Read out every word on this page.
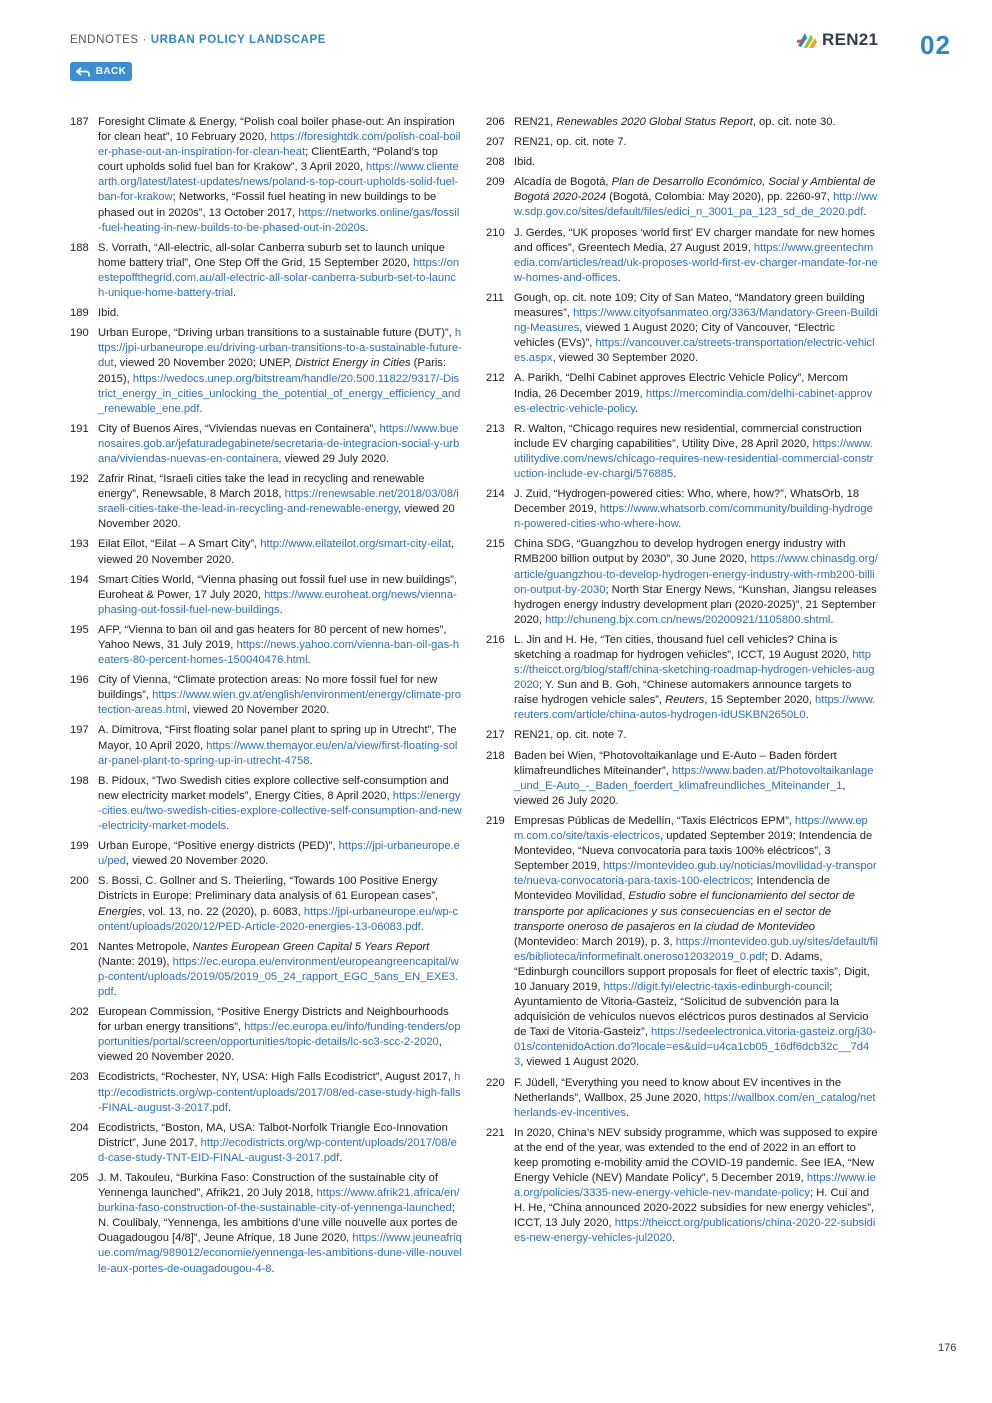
ENDNOTES · URBAN POLICY LANDSCAPE	REN21 02
BACK
187 Foresight Climate & Energy, “Polish coal boiler phase-out: An inspiration for clean heat”, 10 February 2020, https://foresightdk.com/polish-coal-boiler-phase-out-an-inspiration-for-clean-heat; ClientEarth, “Poland’s top court upholds solid fuel ban for Krakow”, 3 April 2020, https://www.clientearth.org/latest/latest-updates/news/poland-s-top-court-upholds-solid-fuel-ban-for-krakow; Networks, “Fossil fuel heating in new buildings to be phased out in 2020s”, 13 October 2017, https://networks.online/gas/fossil-fuel-heating-in-new-builds-to-be-phased-out-in-2020s.
188 S. Vorrath, “All-electric, all-solar Canberra suburb set to launch unique home battery trial”, One Step Off the Grid, 15 September 2020, https://onestepoffthegrid.com.au/all-electric-all-solar-canberra-suburb-set-to-launch-unique-home-battery-trial.
189 Ibid.
190 Urban Europe, “Driving urban transitions to a sustainable future (DUT)”, https://jpi-urbaneurope.eu/driving-urban-transitions-to-a-sustainable-future-dut, viewed 20 November 2020; UNEP, District Energy in Cities (Paris: 2015), https://wedocs.unep.org/bitstream/handle/20.500.11822/9317/-District_energy_in_cities_unlocking_the_potential_of_energy_efficiency_and_renewable_ene.pdf.
191 City of Buenos Aires, “Viviendas nuevas en Containera”, https://www.buenosaires.gob.ar/jefaturadegabinete/secretaria-de-integracion-social-y-urbana/viviendas-nuevas-en-containera, viewed 29 July 2020.
192 Zafrir Rinat, “Israeli cities take the lead in recycling and renewable energy”, Renewsable, 8 March 2018, https://renewsable.net/2018/03/08/israeli-cities-take-the-lead-in-recycling-and-renewable-energy, viewed 20 November 2020.
193 Eilat Eilot, “Eilat – A Smart City”, http://www.eilateilot.org/smart-city-eilat, viewed 20 November 2020.
194 Smart Cities World, “Vienna phasing out fossil fuel use in new buildings”, Euroheat & Power, 17 July 2020, https://www.euroheat.org/news/vienna-phasing-out-fossil-fuel-new-buildings.
195 AFP, “Vienna to ban oil and gas heaters for 80 percent of new homes”, Yahoo News, 31 July 2019, https://news.yahoo.com/vienna-ban-oil-gas-heaters-80-percent-homes-150040476.html.
196 City of Vienna, “Climate protection areas: No more fossil fuel for new buildings”, https://www.wien.gv.at/english/environment/energy/climate-protection-areas.html, viewed 20 November 2020.
197 A. Dimitrova, “First floating solar panel plant to spring up in Utrecht”, The Mayor, 10 April 2020, https://www.themayor.eu/en/a/view/first-floating-solar-panel-plant-to-spring-up-in-utrecht-4758.
198 B. Pidoux, “Two Swedish cities explore collective self-consumption and new electricity market models”, Energy Cities, 8 April 2020, https://energy-cities.eu/two-swedish-cities-explore-collective-self-consumption-and-new-electricity-market-models.
199 Urban Europe, “Positive energy districts (PED)”, https://jpi-urbaneurope.eu/ped, viewed 20 November 2020.
200 S. Bossi, C. Gollner and S. Theierling, “Towards 100 Positive Energy Districts in Europe: Preliminary data analysis of 61 European cases”, Energies, vol. 13, no. 22 (2020), p. 6083, https://jpi-urbaneurope.eu/wp-content/uploads/2020/12/PED-Article-2020-energies-13-06083.pdf.
201 Nantes Metropole, Nantes European Green Capital 5 Years Report (Nante: 2019), https://ec.europa.eu/environment/europeangreencapital/wp-content/uploads/2019/05/2019_05_24_rapport_EGC_5ans_EN_EXE3.pdf.
202 European Commission, “Positive Energy Districts and Neighbourhoods for urban energy transitions”, https://ec.europa.eu/info/funding-tenders/opportunities/portal/screen/opportunities/topic-details/lc-sc3-scc-2-2020, viewed 20 November 2020.
203 Ecodistricts, “Rochester, NY, USA: High Falls Ecodistrict”, August 2017, http://ecodistricts.org/wp-content/uploads/2017/08/ed-case-study-high-falls-FINAL-august-3-2017.pdf.
204 Ecodistricts, “Boston, MA, USA: Talbot-Norfolk Triangle Eco-Innovation District”, June 2017, http://ecodistricts.org/wp-content/uploads/2017/08/ed-case-study-TNT-EID-FINAL-august-3-2017.pdf.
205 J. M. Takouleu, “Burkina Faso: Construction of the sustainable city of Yennenga launched”, Afrik21, 20 July 2018, https://www.afrik21.africa/en/burkina-faso-construction-of-the-sustainable-city-of-yennenga-launched; N. Coulibaly, “Yennenga, les ambitions d’une ville nouvelle aux portes de Ouagadougou [4/8]”, Jeune Afrique, 18 June 2020, https://www.jeuneafrique.com/mag/989012/economie/yennenga-les-ambitions-dune-ville-nouvelle-aux-portes-de-ouagadougou-4-8.
206 REN21, Renewables 2020 Global Status Report, op. cit. note 30.
207 REN21, op. cit. note 7.
208 Ibid.
209 Alcadía de Bogotá, Plan de Desarrollo Económico, Social y Ambiental de Bogotá 2020-2024 (Bogotá, Colombia: May 2020), pp. 2260-97, http://www.sdp.gov.co/sites/default/files/edici_n_3001_pa_123_sd_de_2020.pdf.
210 J. Gerdes, “UK proposes ‘world first’ EV charger mandate for new homes and offices”, Greentech Media, 27 August 2019, https://www.greentechmedia.com/articles/read/uk-proposes-world-first-ev-charger-mandate-for-new-homes-and-offices.
211 Gough, op. cit. note 109; City of San Mateo, “Mandatory green building measures”, https://www.cityofsanmateo.org/3363/Mandatory-Green-Building-Measures, viewed 1 August 2020; City of Vancouver, “Electric vehicles (EVs)”, https://vancouver.ca/streets-transportation/electric-vehicles.aspx, viewed 30 September 2020.
212 A. Parikh, “Delhi Cabinet approves Electric Vehicle Policy”, Mercom India, 26 December 2019, https://mercomindia.com/delhi-cabinet-approves-electric-vehicle-policy.
213 R. Walton, “Chicago requires new residential, commercial construction include EV charging capabilities”, Utility Dive, 28 April 2020, https://www.utilitydive.com/news/chicago-requires-new-residential-commercial-construction-include-ev-chargi/576885.
214 J. Zuid, “Hydrogen-powered cities: Who, where, how?”, WhatsOrb, 18 December 2019, https://www.whatsorb.com/community/building-hydrogen-powered-cities-who-where-how.
215 China SDG, “Guangzhou to develop hydrogen energy industry with RMB200 billion output by 2030”, 30 June 2020, https://www.chinasdg.org/article/guangzhou-to-develop-hydrogen-energy-industry-with-rmb200-billion-output-by-2030; North Star Energy News, “Kunshan, Jiangsu releases hydrogen energy industry development plan (2020-2025)”, 21 September 2020, http://chuneng.bjx.com.cn/news/20200921/1105800.shtml.
216 L. Jin and H. He, “Ten cities, thousand fuel cell vehicles? China is sketching a roadmap for hydrogen vehicles”, ICCT, 19 August 2020, https://theicct.org/blog/staff/china-sketching-roadmap-hydrogen-vehicles-aug2020; Y. Sun and B. Goh, “Chinese automakers announce targets to raise hydrogen vehicle sales”, Reuters, 15 September 2020, https://www.reuters.com/article/china-autos-hydrogen-idUSKBN2650L0.
217 REN21, op. cit. note 7.
218 Baden bei Wien, “Photovoltaikanlage und E-Auto – Baden fördert klimafreundliches Miteinander”, https://www.baden.at/Photovoltaikanlage_und_E-Auto_-_Baden_foerdert_klimafreundliches_Miteinander_1, viewed 26 July 2020.
219 Empresas Públicas de Medellín, “Taxis Eléctricos EPM”, https://www.epm.com.co/site/taxis-electricos, updated September 2019; Intendencia de Montevideo, “Nueva convocatoria para taxis 100% eléctricos”, 3 September 2019, https://montevideo.gub.uy/noticias/movilidad-y-transporte/nueva-convocatoria-para-taxis-100-electricos; Intendencia de Montevideo Movilidad, Estudio sobre el funcionamiento del sector de transporte por aplicaciones y sus consecuencias en el sector de transporte oneroso de pasajeros en la ciudad de Montevideo (Montevideo: March 2019), p. 3, https://montevideo.gub.uy/sites/default/files/biblioteca/informefinalt.oneroso12032019_0.pdf; D. Adams, “Edinburgh councillors support proposals for fleet of electric taxis”, Digit, 10 January 2019, https://digit.fyi/electric-taxis-edinburgh-council; Ayuntamiento de Vitoria-Gasteiz, “Solicitud de subvención para la adquisición de vehículos nuevos eléctricos puros destinados al Servicio de Taxi de Vitoria-Gasteiz”, https://sedeelectronica.vitoria-gasteiz.org/j30-01s/contenidoAction.do?locale=es&uid=u4ca1cb05_16df6dcb32c__7d43, viewed 1 August 2020.
220 F. Jüdell, “Everything you need to know about EV incentives in the Netherlands”, Wallbox, 25 June 2020, https://wallbox.com/en_catalog/netherlands-ev-incentives.
221 In 2020, China’s NEV subsidy programme, which was supposed to expire at the end of the year, was extended to the end of 2022 in an effort to keep promoting e-mobility amid the COVID-19 pandemic. See IEA, “New Energy Vehicle (NEV) Mandate Policy”, 5 December 2019, https://www.iea.org/policies/3335-new-energy-vehicle-nev-mandate-policy; H. Cui and H. He, “China announced 2020-2022 subsidies for new energy vehicles”, ICCT, 13 July 2020, https://theicct.org/publications/china-2020-22-subsidies-new-energy-vehicles-jul2020.
176
